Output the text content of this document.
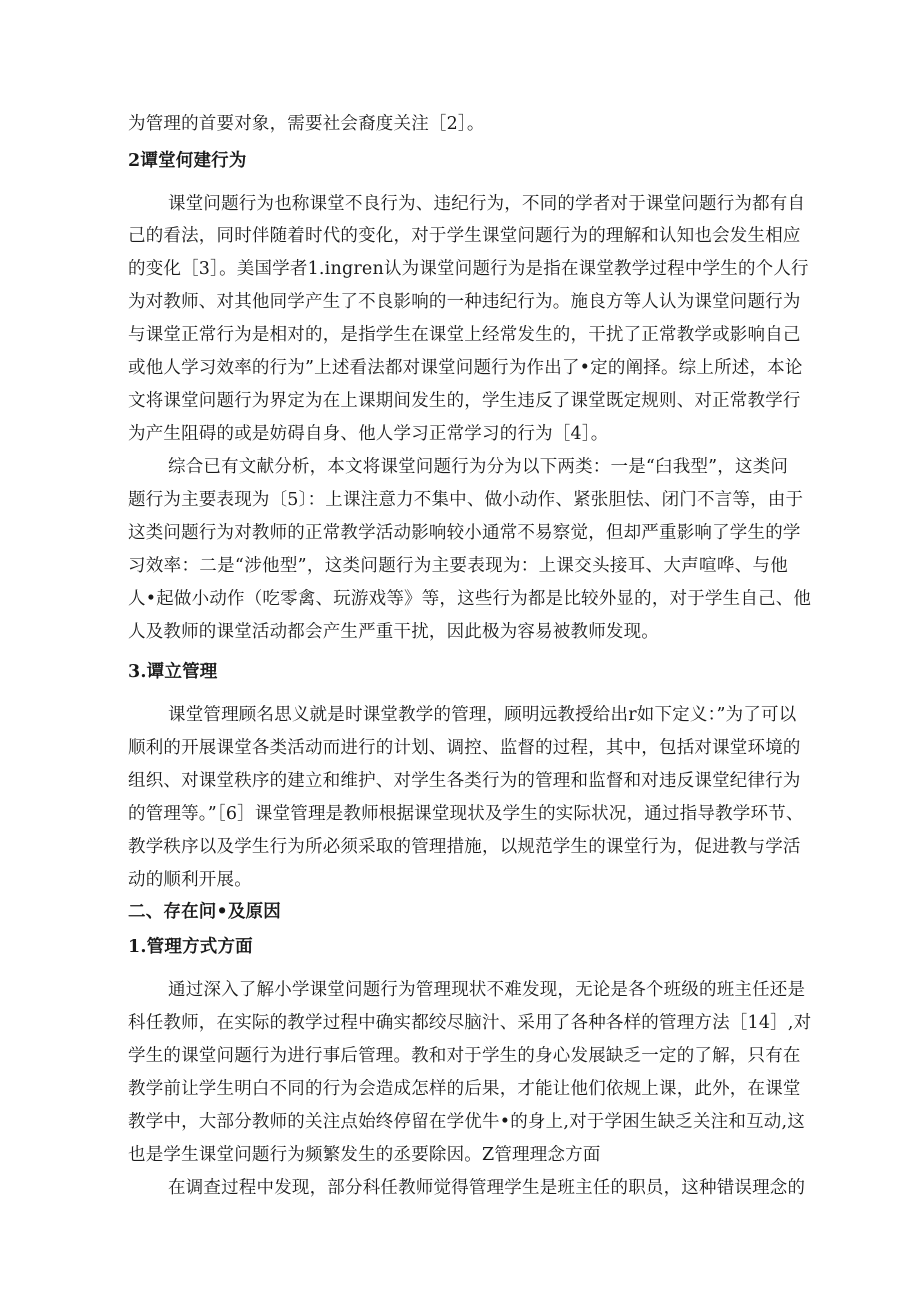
为管理的首要对象，需要社会裔度关注［2］。
2谭堂何建行为
课堂问题行为也称课堂不良行为、违纪行为，不同的学者对于课堂问题行为都有自
己的看法，同时伴随着时代的变化，对于学生课堂问题行为的理解和认知也会发生相应
的变化［3］。美国学者1.ingren认为课堂问题行为是指在课堂教学过程中学生的个人行
为对教师、对其他同学产生了不良影响的一种违纪行为。施良方等人认为课堂问题行为
与课堂正常行为是相对的，是指学生在课堂上经常发生的，干扰了正常教学或影响自己
或他人学习效率的行为”上述看法都对课堂问题行为作出了•定的阐择。综上所述，本论
文将课堂问题行为界定为在上课期间发生的，学生违反了课堂既定规则、对正常教学行
为产生阻碍的或是妨碍自身、他人学习正常学习的行为［4］。
综合已有文献分析，本文将课堂问题行为分为以下两类：一是“臼我型”，这类问
题行为主要表现为〔5〕：上课注意力不集中、做小动作、紧张胆怯、闭门不言等，由于
这类问题行为对教师的正常教学活动影响较小通常不易察觉，但却严重影响了学生的学
习效率：二是“涉他型”，这类问题行为主要表现为：上课交头接耳、大声喧哗、与他
人•起做小动作（吃零禽、玩游戏等》等，这些行为都是比较外显的，对于学生自己、他
人及教师的课堂活动都会产生严重干扰，因此极为容易被教师发现。
3.谭立管理
课堂管理顾名思义就是时课堂教学的管理，顾明远教授给出r如下定义：”为了可以
顺利的开展课堂各类活动而进行的计划、调控、监督的过程，其中，包括对课堂环境的
组织、对课堂秩序的建立和维护、对学生各类行为的管理和监督和对违反课堂纪律行为
的管理等。”［6］课堂管理是教师根据课堂现状及学生的实际状况，通过指导教学环节、
教学秩序以及学生行为所必须采取的管理措施，以规范学生的课堂行为，促进教与学活
动的顺利开展。
二、存在问•及原因
1.管理方式方面
通过深入了解小学课堂问题行为管理现状不难发现，无论是各个班级的班主任还是
科任教师，在实际的教学过程中确实都绞尽脑汁、采用了各种各样的管理方法［14］,对
学生的课堂问题行为进行事后管理。教和对于学生的身心发展缺乏一定的了解，只有在
教学前让学生明白不同的行为会造成怎样的后果，才能让他们依规上课，此外，在课堂
教学中，大部分教师的关注点始终停留在学优牛•的身上,对于学困生缺乏关注和互动,这
也是学生课堂问题行为频繁发生的丞要除因。Z管理理念方面
在调查过程中发现，部分科任教师觉得管理学生是班主任的职员，这种错误理念的
